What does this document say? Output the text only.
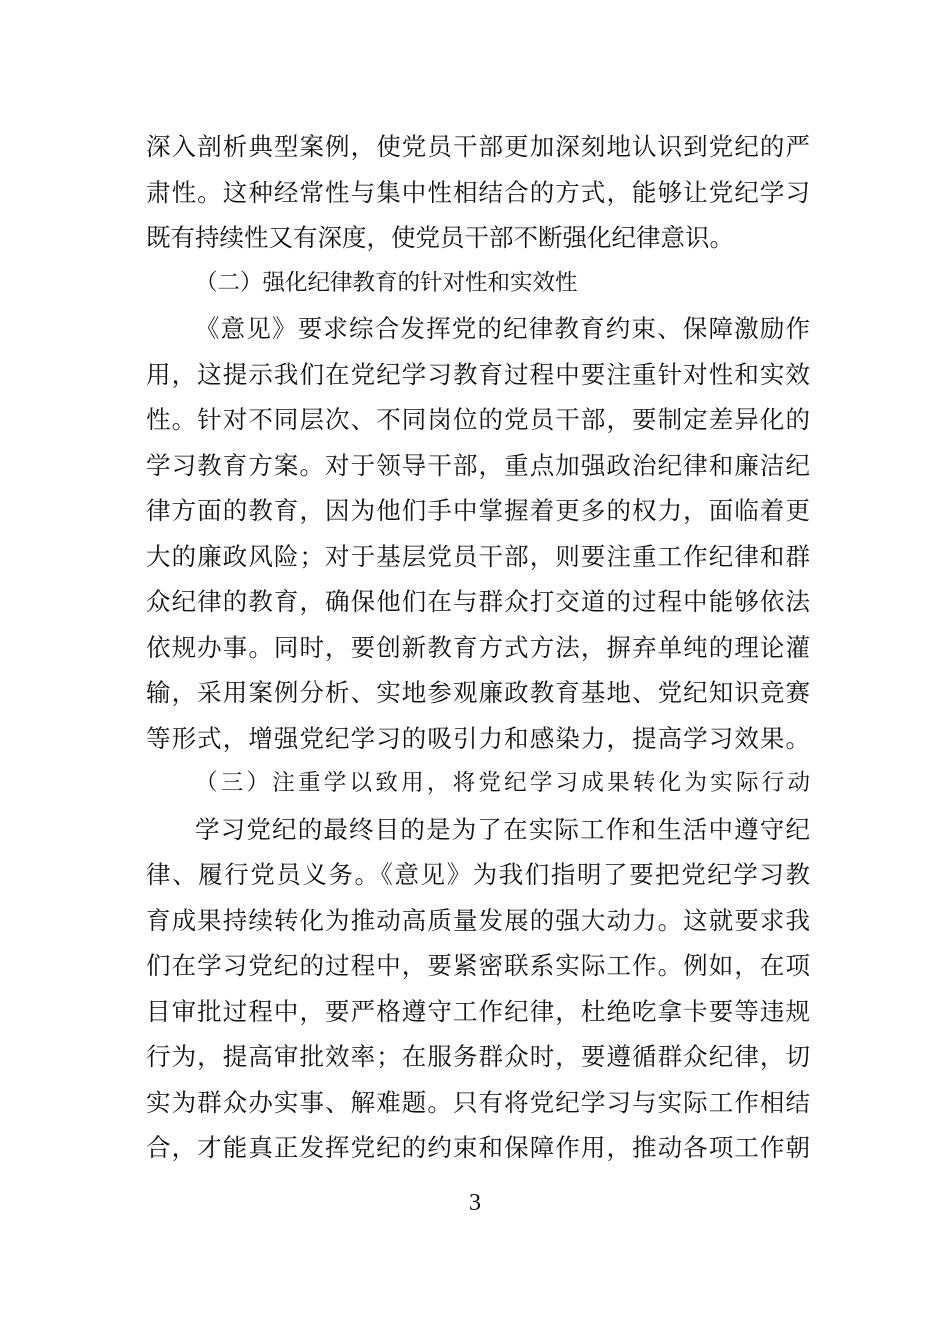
深入剖析典型案例，使党员干部更加深刻地认识到党纪的严
肃性。这种经常性与集中性相结合的方式，能够让党纪学习
既有持续性又有深度，使党员干部不断强化纪律意识。
（二）强化纪律教育的针对性和实效性
《意见》要求综合发挥党的纪律教育约束、保障激励作
用，这提示我们在党纪学习教育过程中要注重针对性和实效
性。针对不同层次、不同岗位的党员干部，要制定差异化的
学习教育方案。对于领导干部，重点加强政治纪律和廉洁纪
律方面的教育，因为他们手中掌握着更多的权力，面临着更
大的廉政风险；对于基层党员干部，则要注重工作纪律和群
众纪律的教育，确保他们在与群众打交道的过程中能够依法
依规办事。同时，要创新教育方式方法，摒弃单纯的理论灌
输，采用案例分析、实地参观廉政教育基地、党纪知识竞赛
等形式，增强党纪学习的吸引力和感染力，提高学习效果。
（三）注重学以致用，将党纪学习成果转化为实际行动
学习党纪的最终目的是为了在实际工作和生活中遵守纪
律、履行党员义务。《意见》为我们指明了要把党纪学习教
育成果持续转化为推动高质量发展的强大动力。这就要求我
们在学习党纪的过程中，要紧密联系实际工作。例如，在项
目审批过程中，要严格遵守工作纪律，杜绝吃拿卡要等违规
行为，提高审批效率；在服务群众时，要遵循群众纪律，切
实为群众办实事、解难题。只有将党纪学习与实际工作相结
合，才能真正发挥党纪的约束和保障作用，推动各项工作朝
3
